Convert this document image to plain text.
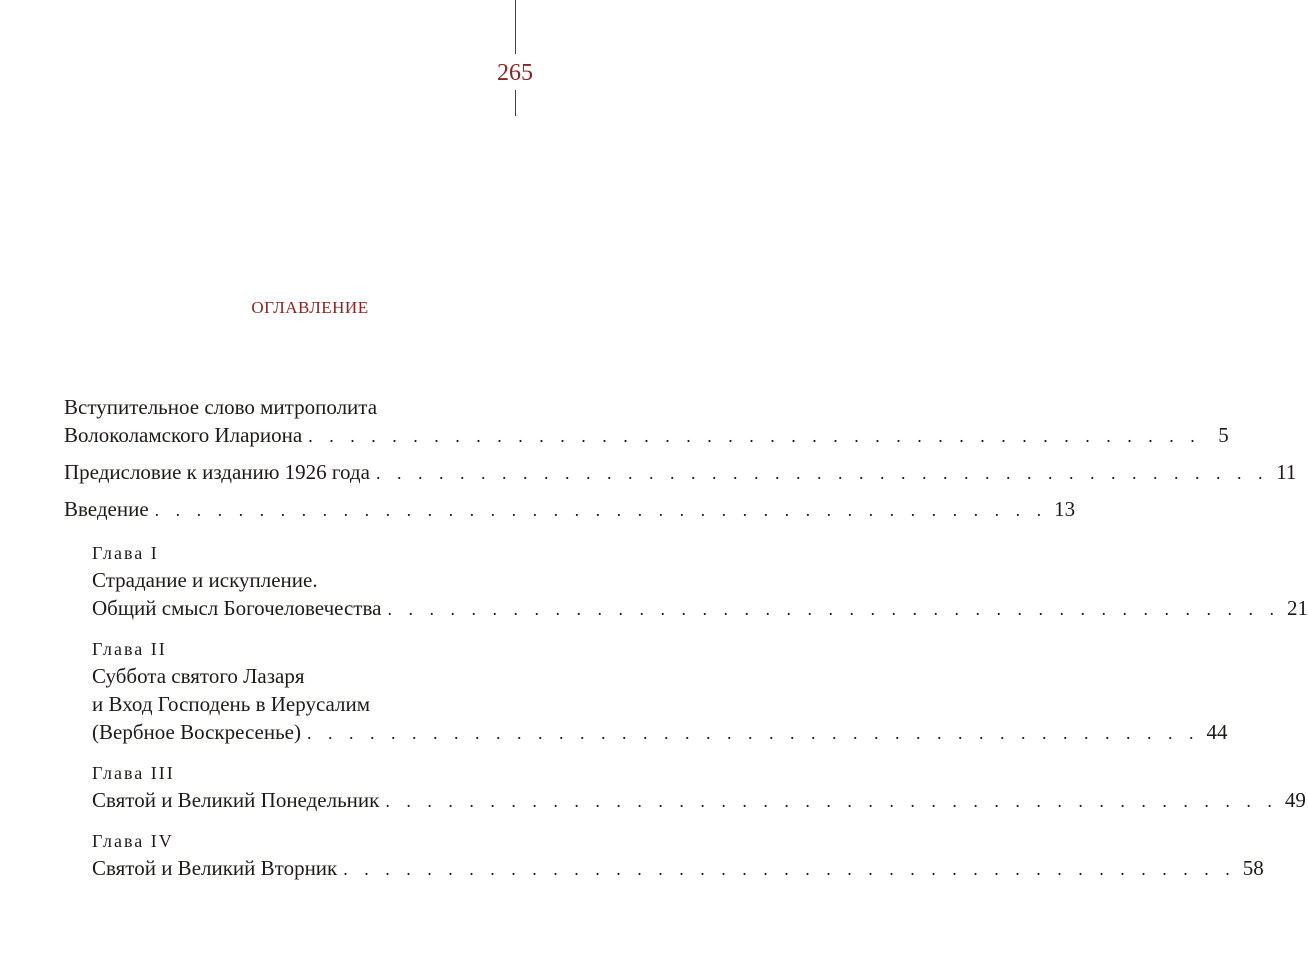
265
ОГЛАВЛЕНИЕ
Вступительное слово митрополита
Волоколамского Илариона . . . . . . . . . . . . . . . . . . . . . . . . . . . . . . . . . . . . . . . . . . . 5
Предисловие к изданию 1926 года . . . . . . . . . . . . . . . . . . . . . . . . . . . . . . . . . . . . . . . . . . . 11
Введение . . . . . . . . . . . . . . . . . . . . . . . . . . . . . . . . . . . . . . . . . . . 13
Глава I
Страдание и искупление.
Общий смысл Богочеловечества . . . . . . . . . . . . . . . . . . . . . . . . . . . . . . . . . . . . . . . . . . . 21
Глава II
Суббота святого Лазаря
и Вход Господень в Иерусалим
(Вербное Воскресенье) . . . . . . . . . . . . . . . . . . . . . . . . . . . . . . . . . . . . . . . . . . . 44
Глава III
Святой и Великий Понедельник . . . . . . . . . . . . . . . . . . . . . . . . . . . . . . . . . . . . . . . . . . . 49
Глава IV
Святой и Великий Вторник . . . . . . . . . . . . . . . . . . . . . . . . . . . . . . . . . . . . . . . . . . . 58
